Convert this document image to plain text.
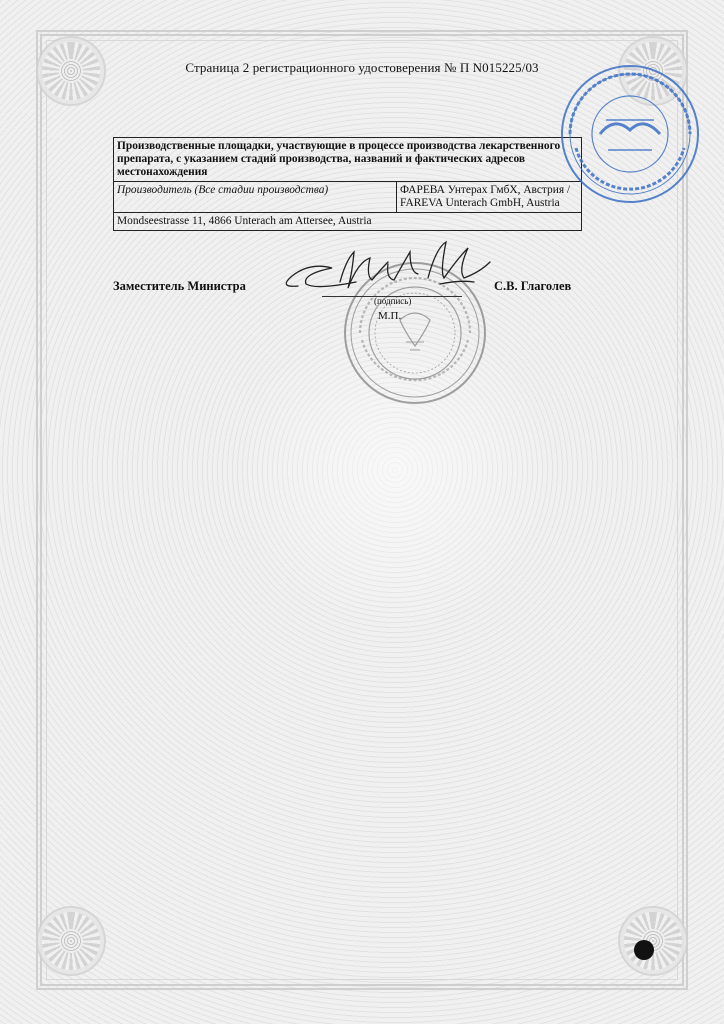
Страница 2 регистрационного удостоверения № П N015225/03
Производственные площадки, участвующие в процессе производства лекарственного препарата, с указанием стадий производства, названий и фактических адресов местонахождения
Производитель (Все стадии производства)	ФАРЕВА Унтерах ГмбХ, Австрия / FAREVA Unterach GmbH, Austria
Mondseestrasse 11, 4866 Unterach am Attersee, Austria
Заместитель Министра
(подпись)
М.П.
С.В. Глаголев
